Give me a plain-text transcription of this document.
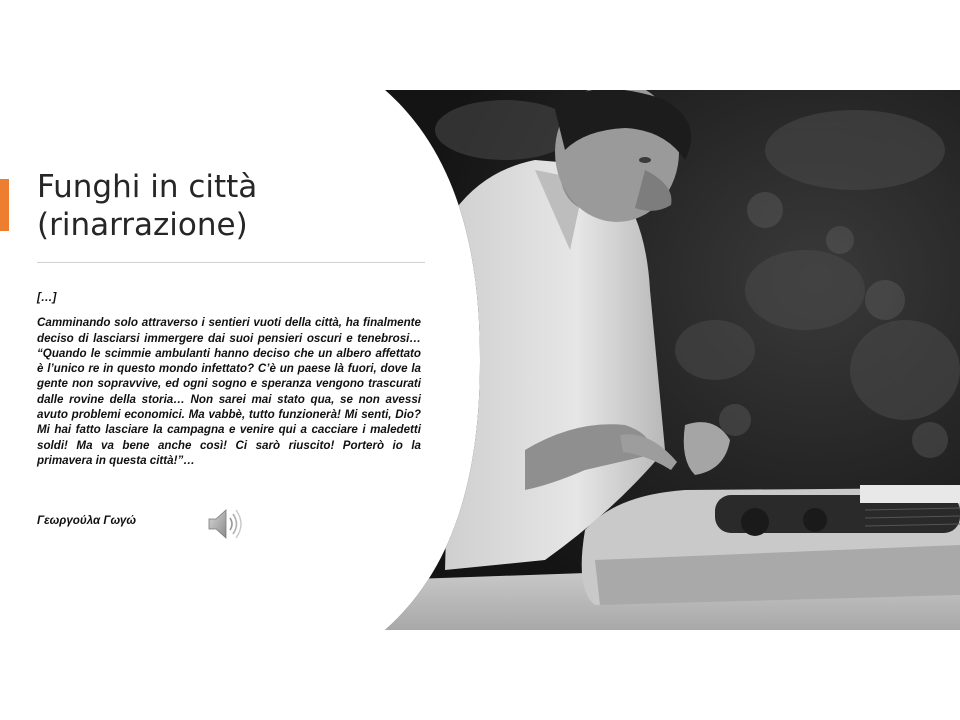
Funghi in città
(rinarrazione)

[…]

Camminando solo attraverso i sentieri vuoti della città, ha finalmente deciso di lasciarsi immergere dai suoi pensieri oscuri e tenebrosi… “Quando le scimmie ambulanti hanno deciso che un albero affettato è l’unico re in questo mondo infettato? C’è un paese là fuori, dove la gente non sopravvive, ed ogni sogno e speranza vengono trascurati dalle rovine della storia… Non sarei mai stato qua, se non avessi avuto problemi economici. Ma vabbè, tutto funzionerà! Mi senti, Dio? Mi hai fatto lasciare la campagna e venire qui a cacciare i maledetti soldi! Ma va bene anche così! Ci sarò riuscito! Porterò io la primavera in questa città!”…

Γεωργούλα Γωγώ
